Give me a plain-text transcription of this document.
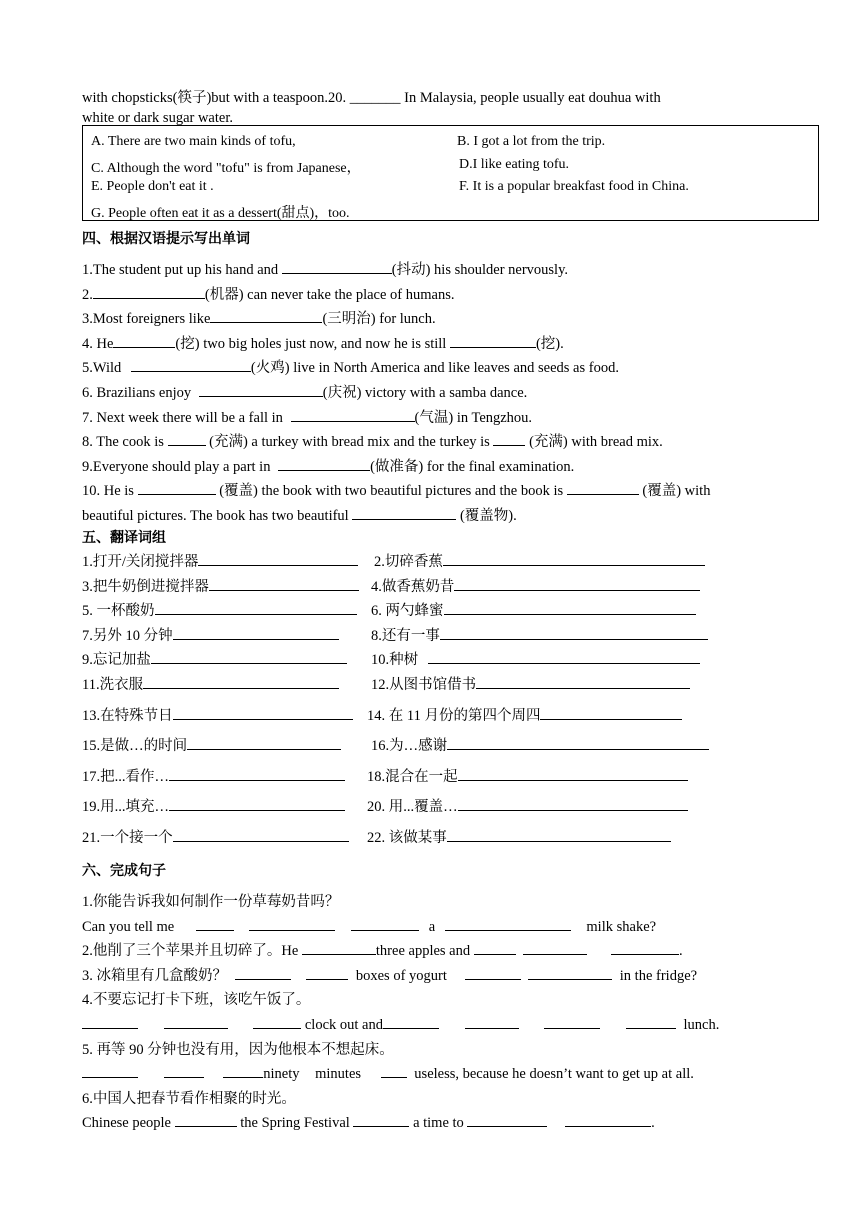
with chopsticks(筷子)but with a teaspoon.20. _______ In Malaysia, people usually eat douhua with
white or dark sugar water.
A. There are two main kinds of tofu,	B. I got a lot from the trip.
C. Although the word "tofu" is from Japanese，	D.I like eating tofu.
E. People don't eat it .	F. It is a popular breakfast food in China.
G. People often eat it as a dessert(甜点)，too.
四、根据汉语提示写出单词
1.The student put up his hand and	(抖动) his shoulder nervously.
2.	(机器) can never take the place of humans.
3.Most foreigners like	(三明治) for lunch.
4. He	(挖) two big holes just now, and now he is still	(挖).
5.Wild	(火鸡) live in North America and like leaves and seeds as food.
6. Brazilians enjoy	(庆祝) victory with a samba dance.
7. Next week there will be a fall in	(气温) in Tengzhou.
8. The cook is	(充满) a turkey with bread mix and the turkey is  (充满) with bread mix.
9.Everyone should play a part in	(做准备) for the final examination.
10. He is	(覆盖) the book with two beautiful pictures and the book is	(覆盖) with
beautiful pictures. The book has two beautiful	(覆盖物).
五、翻译词组
1.打开/关闭搅拌器	2.切碎香蕉
3.把牛奶倒进搅拌器	4.做香蕉奶昔
5. 一杯酸奶	6. 两勺蜂蜜
7.另外 10 分钟	8.还有一事
9.忘记加盐	10.种树
11.洗衣服	12.从图书馆借书
13.在特殊节日	14. 在 11 月份的第四个周四
15.是做…的时间	16.为…感谢
17.把...看作…	18.混合在一起
19.用...填充…	20. 用...覆盖…
21.一个接一个	22. 该做某事
六、完成句子
1.你能告诉我如何制作一份草莓奶昔吗？
Can you tell me	a	milk shake?
2.他削了三个苹果并且切碎了。He	three apples and	.
3. 冰箱里有几盒酸奶？	boxes of yogurt	in the fridge?
4.不要忘记打卡下班，该吃午饭了。
clock out and	lunch.
5. 再等 90 分钟也没有用，因为他根本不想起床。
ninety minutes	useless, because he doesn’t want to get up at all.
6.中国人把春节看作相聚的时光。
Chinese people	the Spring Festival	a time to	.
